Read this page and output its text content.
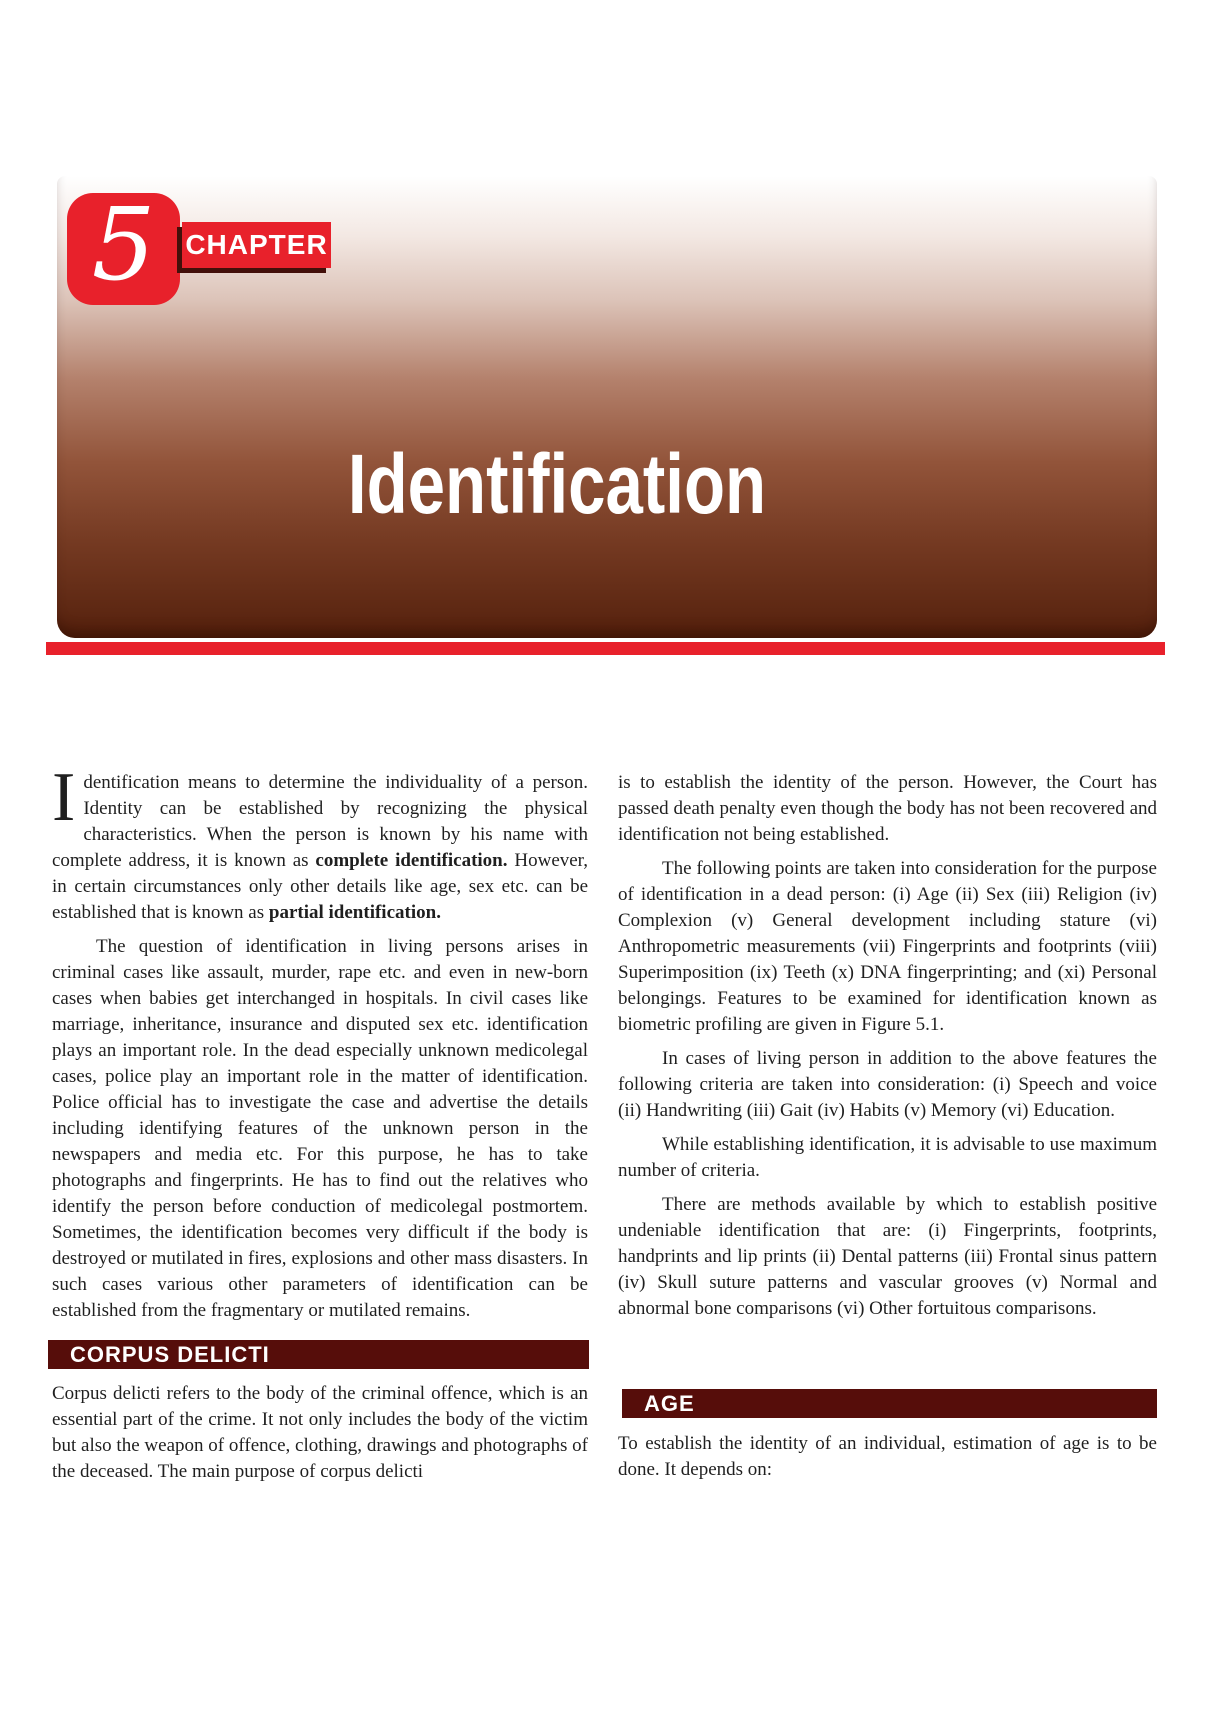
5 CHAPTER
Identification

Identification means to determine the individuality of a person. Identity can be established by recognizing the physical characteristics. When the person is known by his name with complete address, it is known as complete identification. However, in certain circumstances only other details like age, sex etc. can be established that is known as partial identification.

The question of identification in living persons arises in criminal cases like assault, murder, rape etc. and even in new-born cases when babies get interchanged in hospitals. In civil cases like marriage, inheritance, insurance and disputed sex etc. identification plays an important role. In the dead especially unknown medicolegal cases, police play an important role in the matter of identification. Police official has to investigate the case and advertise the details including identifying features of the unknown person in the newspapers and media etc. For this purpose, he has to take photographs and fingerprints. He has to find out the relatives who identify the person before conduction of medicolegal postmortem. Sometimes, the identification becomes very difficult if the body is destroyed or mutilated in fires, explosions and other mass disasters. In such cases various other parameters of identification can be established from the fragmentary or mutilated remains.

CORPUS DELICTI

Corpus delicti refers to the body of the criminal offence, which is an essential part of the crime. It not only includes the body of the victim but also the weapon of offence, clothing, drawings and photographs of the deceased. The main purpose of corpus delicti

is to establish the identity of the person. However, the Court has passed death penalty even though the body has not been recovered and identification not being established.

The following points are taken into consideration for the purpose of identification in a dead person: (i) Age (ii) Sex (iii) Religion (iv) Complexion (v) General development including stature (vi) Anthropometric measurements (vii) Fingerprints and footprints (viii) Superimposition (ix) Teeth (x) DNA fingerprinting; and (xi) Personal belongings. Features to be examined for identification known as biometric profiling are given in Figure 5.1.

In cases of living person in addition to the above features the following criteria are taken into consideration: (i) Speech and voice (ii) Handwriting (iii) Gait (iv) Habits (v) Memory (vi) Education.

While establishing identification, it is advisable to use maximum number of criteria.

There are methods available by which to establish positive undeniable identification that are: (i) Fingerprints, footprints, handprints and lip prints (ii) Dental patterns (iii) Frontal sinus pattern (iv) Skull suture patterns and vascular grooves (v) Normal and abnormal bone comparisons (vi) Other fortuitous comparisons.

AGE

To establish the identity of an individual, estimation of age is to be done. It depends on:
